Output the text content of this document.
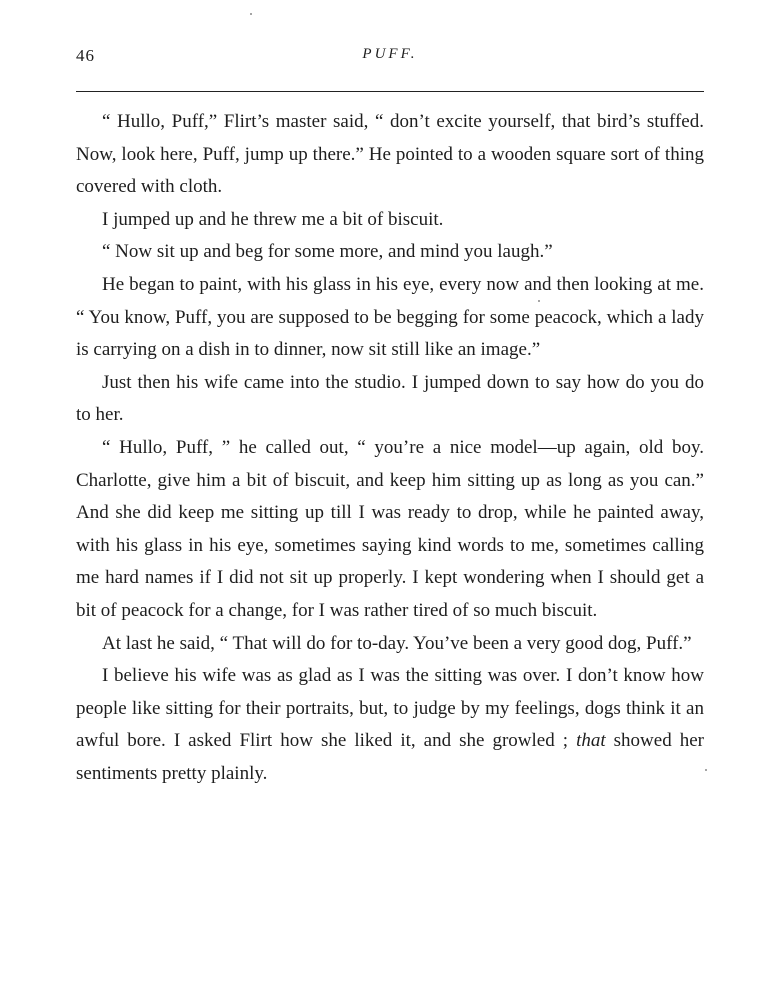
46	PUFF.

“ Hullo, Puff,” Flirt’s master said, “ don’t excite yourself, that bird’s stuffed. Now, look here, Puff, jump up there.” He pointed to a wooden square sort of thing covered with cloth.

I jumped up and he threw me a bit of biscuit.

“ Now sit up and beg for some more, and mind you laugh.”

He began to paint, with his glass in his eye, every now and then looking at me. “ You know, Puff, you are supposed to be begging for some peacock, which a lady is carrying on a dish in to dinner, now sit still like an image.”

Just then his wife came into the studio. I jumped down to say how do you do to her.

“ Hullo, Puff, ” he called out, “ you’re a nice model—up again, old boy. Charlotte, give him a bit of biscuit, and keep him sitting up as long as you can.” And she did keep me sitting up till I was ready to drop, while he painted away, with his glass in his eye, sometimes saying kind words to me, sometimes calling me hard names if I did not sit up properly. I kept wondering when I should get a bit of peacock for a change, for I was rather tired of so much biscuit.

At last he said, “ That will do for to-day. You’ve been a very good dog, Puff.”

I believe his wife was as glad as I was the sitting was over. I don’t know how people like sitting for their portraits, but, to judge by my feelings, dogs think it an awful bore. I asked Flirt how she liked it, and she growled ; that showed her sentiments pretty plainly.
